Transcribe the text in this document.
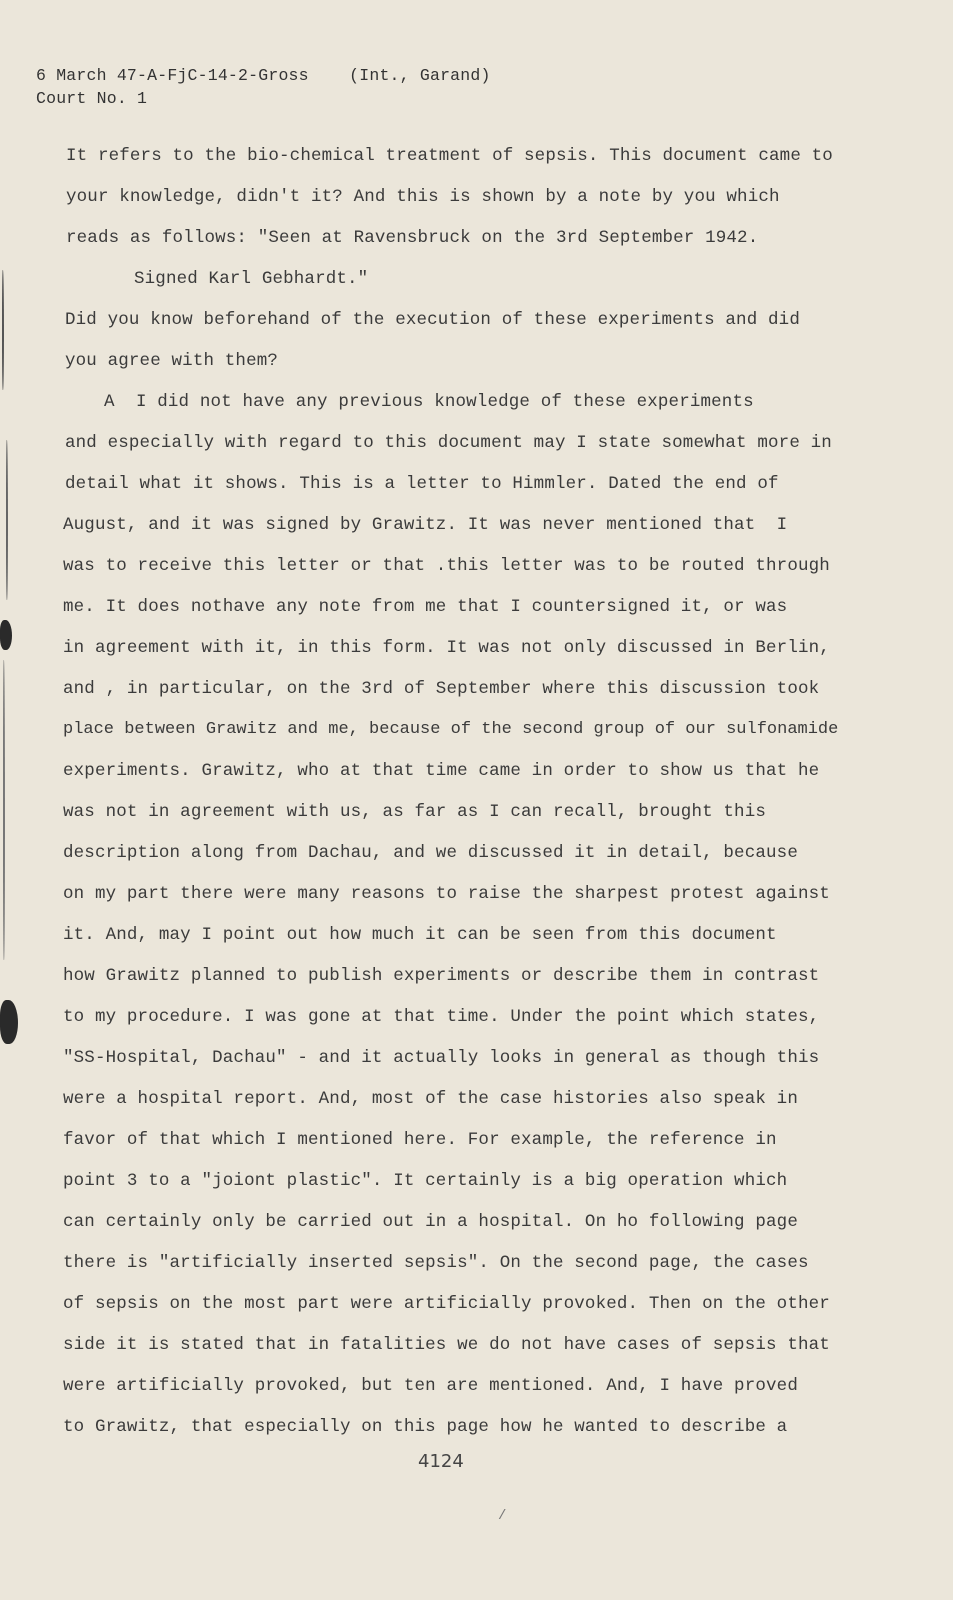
6 March 47-A-FjC-14-2-Gross    (Int., Garand)
Court No. 1
It refers to the bio-chemical treatment of sepsis. This document came to
your knowledge, didn't it? And this is shown by a note by you which
reads as follows: "Seen at Ravensbruck on the 3rd September 1942.
Signed Karl Gebhardt."
Did you know beforehand of the execution of these experiments and did
you agree with them?
A  I did not have any previous knowledge of these experiments
and especially with regard to this document may I state somewhat more in
detail what it shows. This is a letter to Himmler. Dated the end of
August, and it was signed by Grawitz. It was never mentioned that  I
was to receive this letter or that .this letter was to be routed through
me. It does nothave any note from me that I countersigned it, or was
in agreement with it, in this form. It was not only discussed in Berlin,
and , in particular, on the 3rd of September where this discussion took
place between Grawitz and me, because of the second group of our sulfonamide
experiments. Grawitz, who at that time came in order to show us that he
was not in agreement with us, as far as I can recall, brought this
description along from Dachau, and we discussed it in detail, because
on my part there were many reasons to raise the sharpest protest against
it. And, may I point out how much it can be seen from this document
how Grawitz planned to publish experiments or describe them in contrast
to my procedure. I was gone at that time. Under the point which states,
"SS-Hospital, Dachau" - and it actually looks in general as though this
were a hospital report. And, most of the case histories also speak in
favor of that which I mentioned here. For example, the reference in
point 3 to a "joiont plastic". It certainly is a big operation which
can certainly only be carried out in a hospital. On ho following page
there is "artificially inserted sepsis". On the second page, the cases
of sepsis on the most part were artificially provoked. Then on the other
side it is stated that in fatalities we do not have cases of sepsis that
were artificially provoked, but ten are mentioned. And, I have proved
to Grawitz, that especially on this page how he wanted to describe a
4124
/
